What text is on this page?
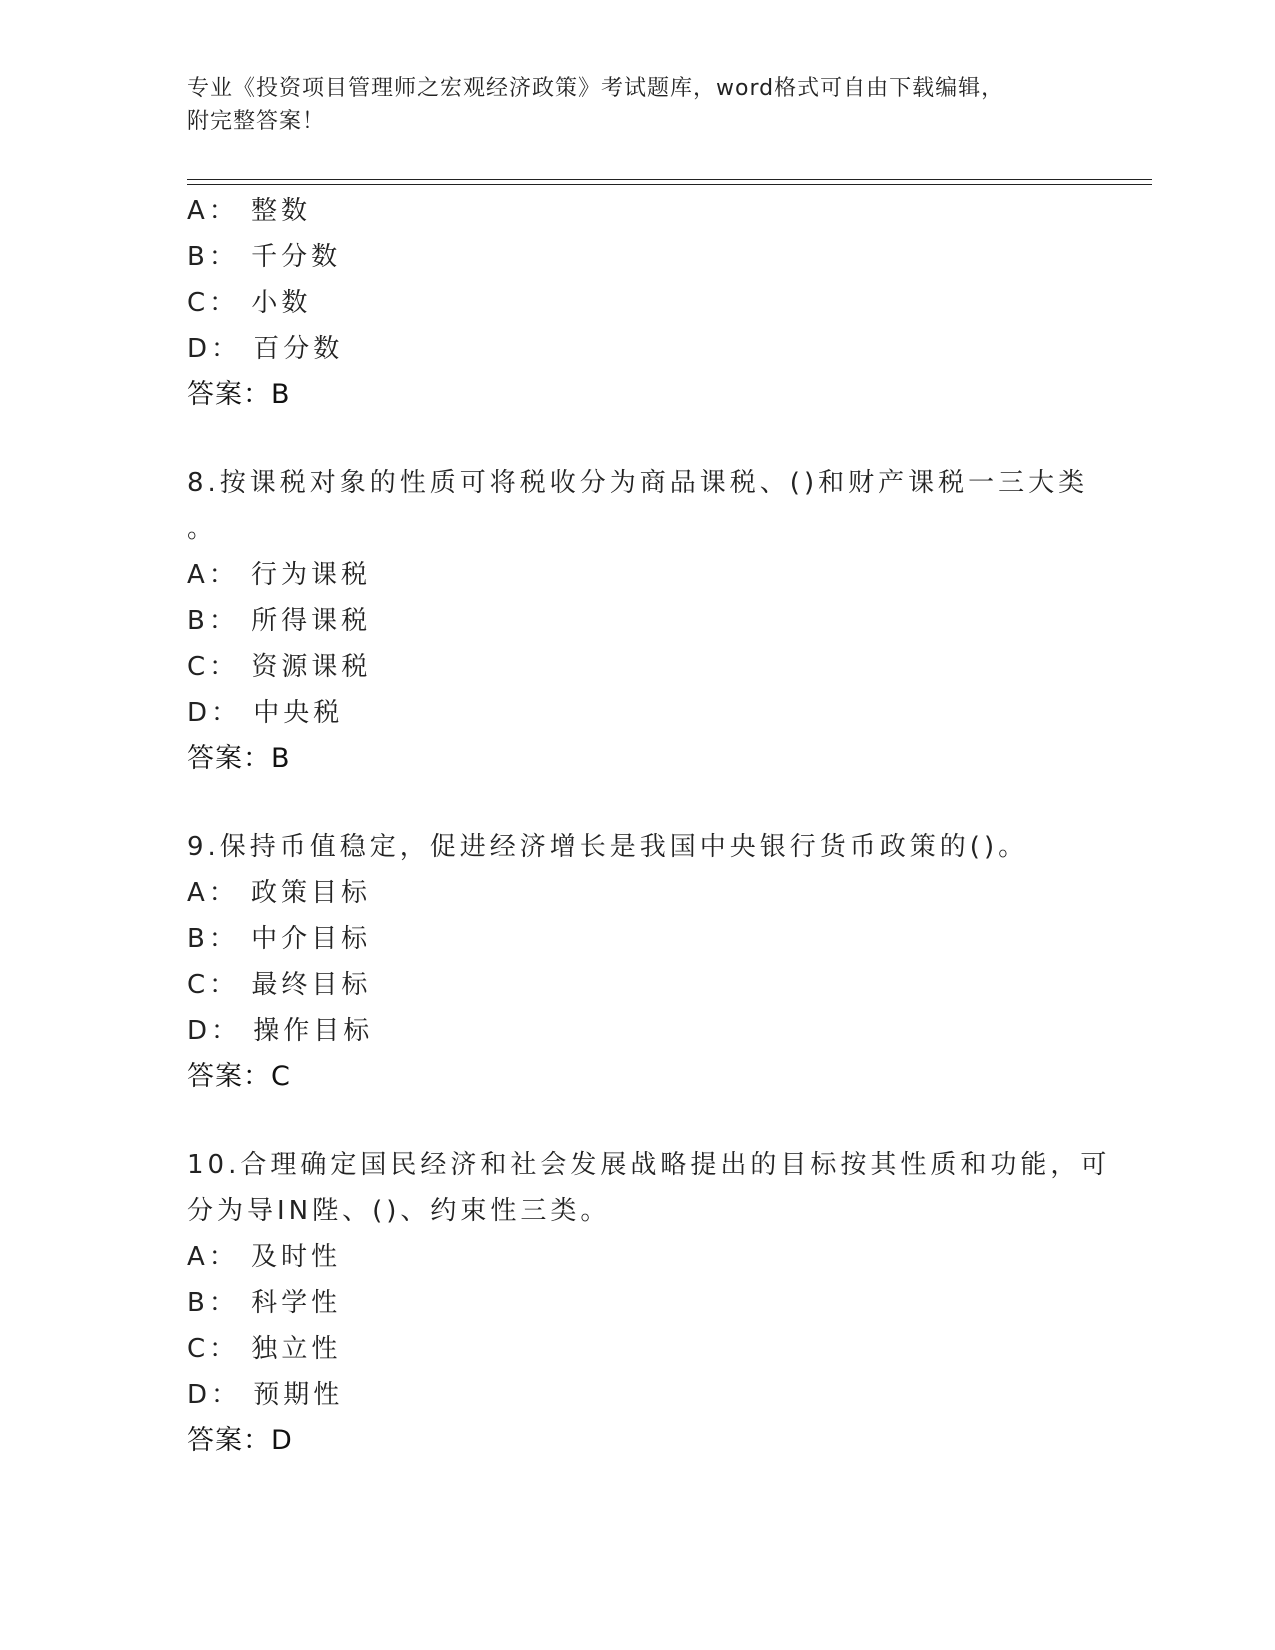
专业《投资项目管理师之宏观经济政策》考试题库，word格式可自由下载编辑，
附完整答案！
A： 整数
B： 千分数
C： 小数
D： 百分数
答案：B
8.按课税对象的性质可将税收分为商品课税、()和财产课税一三大类
。
A： 行为课税
B： 所得课税
C： 资源课税
D： 中央税
答案：B
9.保持币值稳定，促进经济增长是我国中央银行货币政策的()。
A： 政策目标
B： 中介目标
C： 最终目标
D： 操作目标
答案：C
10.合理确定国民经济和社会发展战略提出的目标按其性质和功能，可
分为导IN陛、()、约束性三类。
A： 及时性
B： 科学性
C： 独立性
D： 预期性
答案：D
